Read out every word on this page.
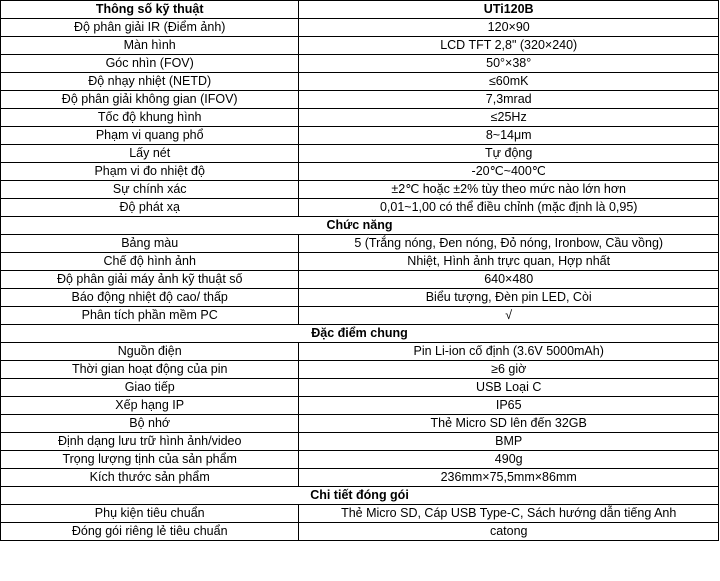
Thông số kỹ thuật	UTi120B
Độ phân giải IR (Điểm ảnh)	120×90
Màn hình	LCD TFT 2,8" (320×240)
Góc nhìn (FOV)	50°×38°
Độ nhạy nhiệt (NETD)	≤60mK
Độ phân giải không gian (IFOV)	7,3mrad
Tốc độ khung hình	≤25Hz
Phạm vi quang phổ	8~14μm
Lấy nét	Tự động
Phạm vi đo nhiệt độ	-20℃~400℃
Sự chính xác	±2℃ hoặc ±2% tùy theo mức nào lớn hơn
Độ phát xạ	0,01~1,00 có thể điều chỉnh (mặc định là 0,95)
Chức năng	
Bảng màu	5 (Trắng nóng, Đen nóng, Đỏ nóng, Ironbow, Cầu vồng)
Chế độ hình ảnh	Nhiệt, Hình ảnh trực quan, Hợp nhất
Độ phân giải máy ảnh kỹ thuật số	640×480
Báo động nhiệt độ cao/ thấp	Biểu tượng, Đèn pin LED, Còi
Phân tích phần mềm PC	√
Đặc điểm chung	
Nguồn điện	Pin Li-ion cố định (3.6V 5000mAh)
Thời gian hoạt động của pin	≥6 giờ
Giao tiếp	USB Loại C
Xếp hạng IP	IP65
Bộ nhớ	Thẻ Micro SD lên đến 32GB
Định dạng lưu trữ hình ảnh/video	BMP
Trọng lượng tịnh của sản phẩm	490g
Kích thước sản phẩm	236mm×75,5mm×86mm
Chi tiết đóng gói	
Phụ kiện tiêu chuẩn	Thẻ Micro SD, Cáp USB Type-C, Sách hướng dẫn tiếng Anh
Đóng gói riêng lẻ tiêu chuẩn	catong
